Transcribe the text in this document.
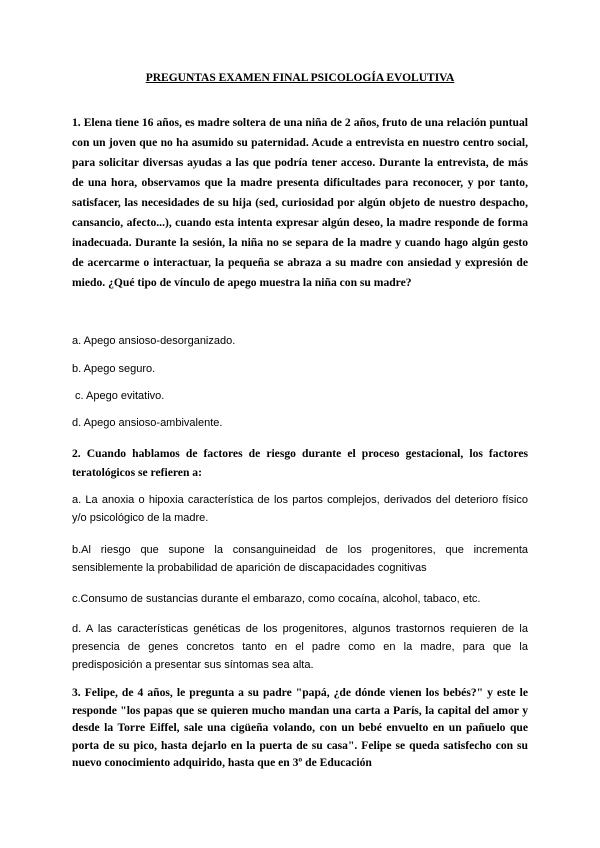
PREGUNTAS EXAMEN FINAL PSICOLOGÍA EVOLUTIVA
1. Elena tiene 16 años, es madre soltera de una niña de 2 años, fruto de una relación puntual con un joven que no ha asumido su paternidad. Acude a entrevista en nuestro centro social, para solicitar diversas ayudas a las que podría tener acceso. Durante la entrevista, de más de una hora, observamos que la madre presenta dificultades para reconocer, y por tanto, satisfacer, las necesidades de su hija (sed, curiosidad por algún objeto de nuestro despacho, cansancio, afecto...), cuando esta intenta expresar algún deseo, la madre responde de forma inadecuada. Durante la sesión, la niña no se separa de la madre y cuando hago algún gesto de acercarme o interactuar, la pequeña se abraza a su madre con ansiedad y expresión de miedo. ¿Qué tipo de vínculo de apego muestra la niña con su madre?
a. Apego ansioso-desorganizado.
b. Apego seguro.
c. Apego evitativo.
d. Apego ansioso-ambivalente.
2. Cuando hablamos de factores de riesgo durante el proceso gestacional, los factores teratológicos se refieren a:
a. La anoxia o hipoxia característica de los partos complejos, derivados del deterioro físico y/o psicológico de la madre.
b.Al riesgo que supone la consanguineidad de los progenitores, que incrementa sensiblemente la probabilidad de aparición de discapacidades cognitivas
c.Consumo de sustancias durante el embarazo, como cocaína, alcohol, tabaco, etc.
d. A las características genéticas de los progenitores, algunos trastornos requieren de la presencia de genes concretos tanto en el padre como en la madre, para que la predisposición a presentar sus síntomas sea alta.
3. Felipe, de 4 años, le pregunta a su padre "papá, ¿de dónde vienen los bebés?" y este le responde "los papas que se quieren mucho mandan una carta a París, la capital del amor y desde la Torre Eiffel, sale una cigüeña volando, con un bebé envuelto en un pañuelo que porta de su pico, hasta dejarlo en la puerta de su casa". Felipe se queda satisfecho con su nuevo conocimiento adquirido, hasta que en 3º de Educación
